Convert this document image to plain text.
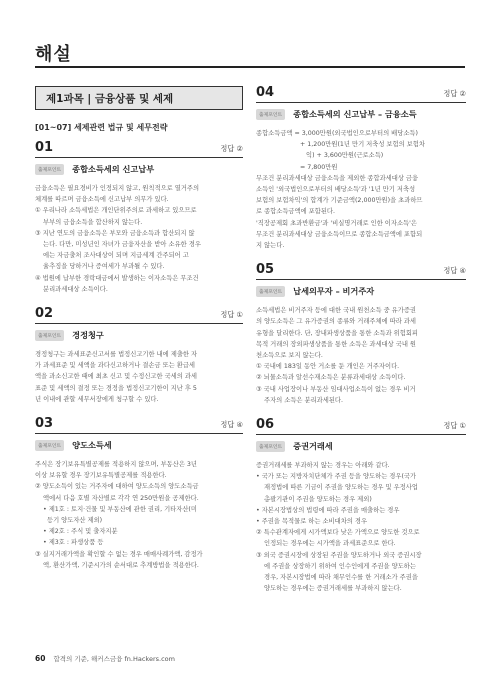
해설
제1과목 | 금융상품 및 세제
[01~07] 세제관련 법규 및 세무전략
01	정답 ②
출제포인트	종합소득세의 신고납부

금융소득은 필요경비가 인정되지 않고, 원칙적으로 열거주의

체계를 따르며 금융소득에 신고납부 의무가 있다.

① 우리나라 소득세법은 개인단위주의로 과세하고 있으므로

부부의 금융소득을 합산하지 않는다.

③ 지난 연도의 금융소득은 부모와 금융소득과 합산되지 않

는다. 다만, 미성년인 자녀가 금융자산을 받아 소유한 경우

에는 자금출처 조사대상이 되며 지급세계 간주되어 고

율추징을 당하거나 증여세가 부과될 수 있다.

④ 법원에 납부한 경락대금에서 발생하는 이자소득은 무조건

분리과세대상 소득이다.

02	정답 ①
출제포인트	경정청구

경정청구는 과세표준신고서를 법정신고기한 내에 제출한 자

가 과세표준 및 세액을 과다신고하거나 결손금 또는 환급세

액을 과소신고한 때에 최초 신고 및 수정신고한 국세의 과세

표준 및 세액의 결정 또는 경정을 법정신고기한이 지난 후 5

년 이내에 관할 세무서장에게 청구할 수 있다.

03	정답 ④
출제포인트	양도소득세

주식은 장기보유특별공제를 적용하지 않으며, 부동산은 3년

이상 보유할 경우 장기보유특별공제를 적용한다.

② 양도소득이 있는 거주자에 대하여 양도소득의 양도소득금

액에서 다음 호별 자산별로 각각 연 250만원을 공제한다.

• 제1호 : 토지·건물 및 부동산에 관한 권리, 기타자산(미

등기 양도자산 제외)

• 제2호 : 주식 및 출자지분

• 제3호 : 파생상품 등

③ 실지거래가액을 확인할 수 없는 경우 매매사례가액, 감정가

액, 환산가액, 기준시가의 순서대로 추계방법을 적용한다.

04	정답 ②
출제포인트	종합소득세의 신고납부 – 금융소득

종합소득금액 = 3,000만원(외국법인으로부터의 배당소득)

+ 1,200만원(1년 만기 저축성 보험의 보험차

익) + 3,600만원(근로소득)

= 7,800만원

무조건 분리과세대상 금융소득을 제외한 종합과세대상 금융

소득인 '외국법인으로부터의 배당소득'과 '1년 만기 저축성

보험의 보험차익'의 합계가 기준금액(2,000만원)을 초과하므

로 종합소득금액에 포함된다.

'직장공제회 초과반환금'과 '비실명거래로 인한 이자소득'은

무조건 분리과세대상 금융소득이므로 종합소득금액에 포함되

지 않는다.

05	정답 ④
출제포인트	납세의무자 – 비거주자

소득세법은 비거주자 등에 대한 국내 원천소득 중 유가증권

의 양도소득은 그 유가증권의 종류와 거래주체에 따라 과세

유형을 달리한다. 단, 장내파생상품을 통한 소득과 위험회피

목적 거래의 장외파생상품을 통한 소득은 과세대상 국내 원

천소득으로 보지 않는다.

① 국내에 183일 동안 거소를 둔 개인은 거주자이다.

② 뇌물소득과 알선수재소득은 분류과세대상 소득이다.

③ 국내 사업장이나 부동산 임대사업소득이 없는 경우 비거

주자의 소득은 분리과세된다.

06	정답 ①
출제포인트	증권거래세

증권거래세를 부과하지 않는 경우는 아래와 같다.

• 국가 또는 지방자치단체가 주권 등을 양도하는 경우(국가

재정법에 따른 기금이 주권을 양도하는 경우 및 우정사업

총괄기관이 주권을 양도하는 경우 제외)

• 자본시장법상의 법령에 따라 주권을 매출하는 경우

• 주권을 목적물로 하는 소비대차의 경우

② 특수관계자에게 시가액보다 낮은 가액으로 양도한 것으로

인정되는 경우에는 시가액을 과세표준으로 한다.

③ 외국 증권시장에 상장된 주권을 양도하거나 외국 증권시장

에 주권을 상장하기 위하여 인수인에게 주권을 양도하는

경우, 자본시장법에 따라 채무인수를 한 거래소가 주권을

양도하는 경우에는 증권거래세를 부과하지 않는다.

60 합격의 기준, 해커스금융 fn.Hackers.com
